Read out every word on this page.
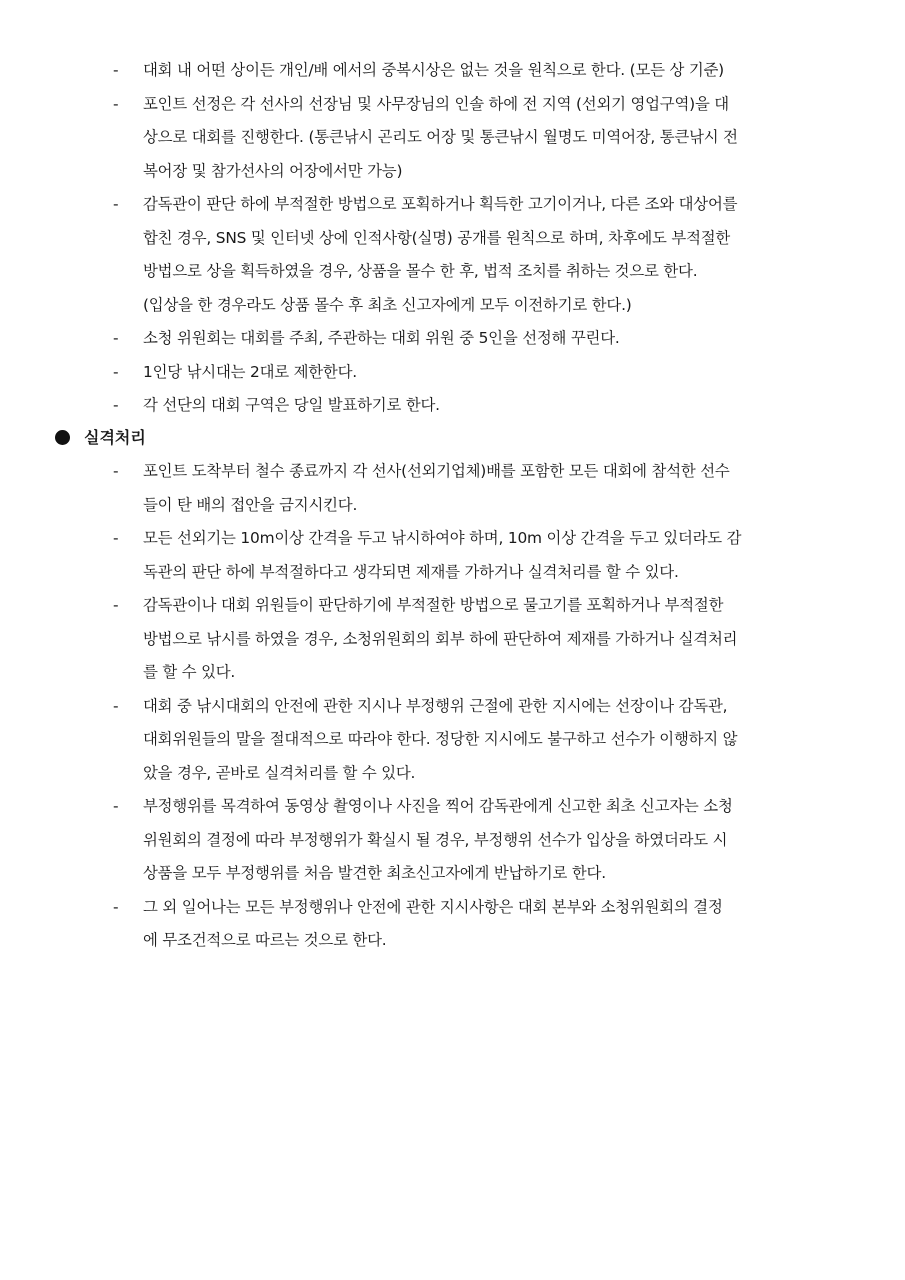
-	대회 내 어떤 상이든 개인/배 에서의 중복시상은 없는 것을 원칙으로 한다. (모든 상 기준)
-	포인트 선정은 각 선사의 선장님 및 사무장님의 인솔 하에 전 지역 (선외기 영업구역)을 대
상으로 대회를 진행한다. (통큰낚시 곤리도 어장 및 통큰낚시 월명도 미역어장, 통큰낚시 전
복어장 및 참가선사의 어장에서만 가능)
-	감독관이 판단 하에 부적절한 방법으로 포획하거나 획득한 고기이거나, 다른 조와 대상어를
합친 경우, SNS 및 인터넷 상에 인적사항(실명) 공개를 원칙으로 하며, 차후에도 부적절한
방법으로 상을 획득하였을 경우, 상품을 몰수 한 후, 법적 조치를 취하는 것으로 한다.
(입상을 한 경우라도 상품 몰수 후 최초 신고자에게 모두 이전하기로 한다.)
-	소청 위원회는 대회를 주최, 주관하는 대회 위원 중 5인을 선정해 꾸린다.
-	1인당 낚시대는 2대로 제한한다.
-	각 선단의 대회 구역은 당일 발표하기로 한다.
실격처리
-	포인트 도착부터 철수 종료까지 각 선사(선외기업체)배를 포함한 모든 대회에 참석한 선수
들이 탄 배의 접안을 금지시킨다.
-	모든 선외기는 10m이상 간격을 두고 낚시하여야 하며, 10m 이상 간격을 두고 있더라도 감
독관의 판단 하에 부적절하다고 생각되면 제재를 가하거나 실격처리를 할 수 있다.
-	감독관이나 대회 위원들이 판단하기에 부적절한 방법으로 물고기를 포획하거나 부적절한
방법으로 낚시를 하였을 경우, 소청위원회의 회부 하에 판단하여 제재를 가하거나 실격처리
를 할 수 있다.
-	대회 중 낚시대회의 안전에 관한 지시나 부정행위 근절에 관한 지시에는 선장이나 감독관,
대회위원들의 말을 절대적으로 따라야 한다. 정당한 지시에도 불구하고 선수가 이행하지 않
았을 경우, 곧바로 실격처리를 할 수 있다.
-	부정행위를 목격하여 동영상 촬영이나 사진을 찍어 감독관에게 신고한 최초 신고자는 소청
위원회의 결정에 따라 부정행위가 확실시 될 경우, 부정행위 선수가 입상을 하였더라도 시
상품을 모두 부정행위를 처음 발견한 최초신고자에게 반납하기로 한다.
-	그 외 일어나는 모든 부정행위나 안전에 관한 지시사항은 대회 본부와 소청위원회의 결정
에 무조건적으로 따르는 것으로 한다.
